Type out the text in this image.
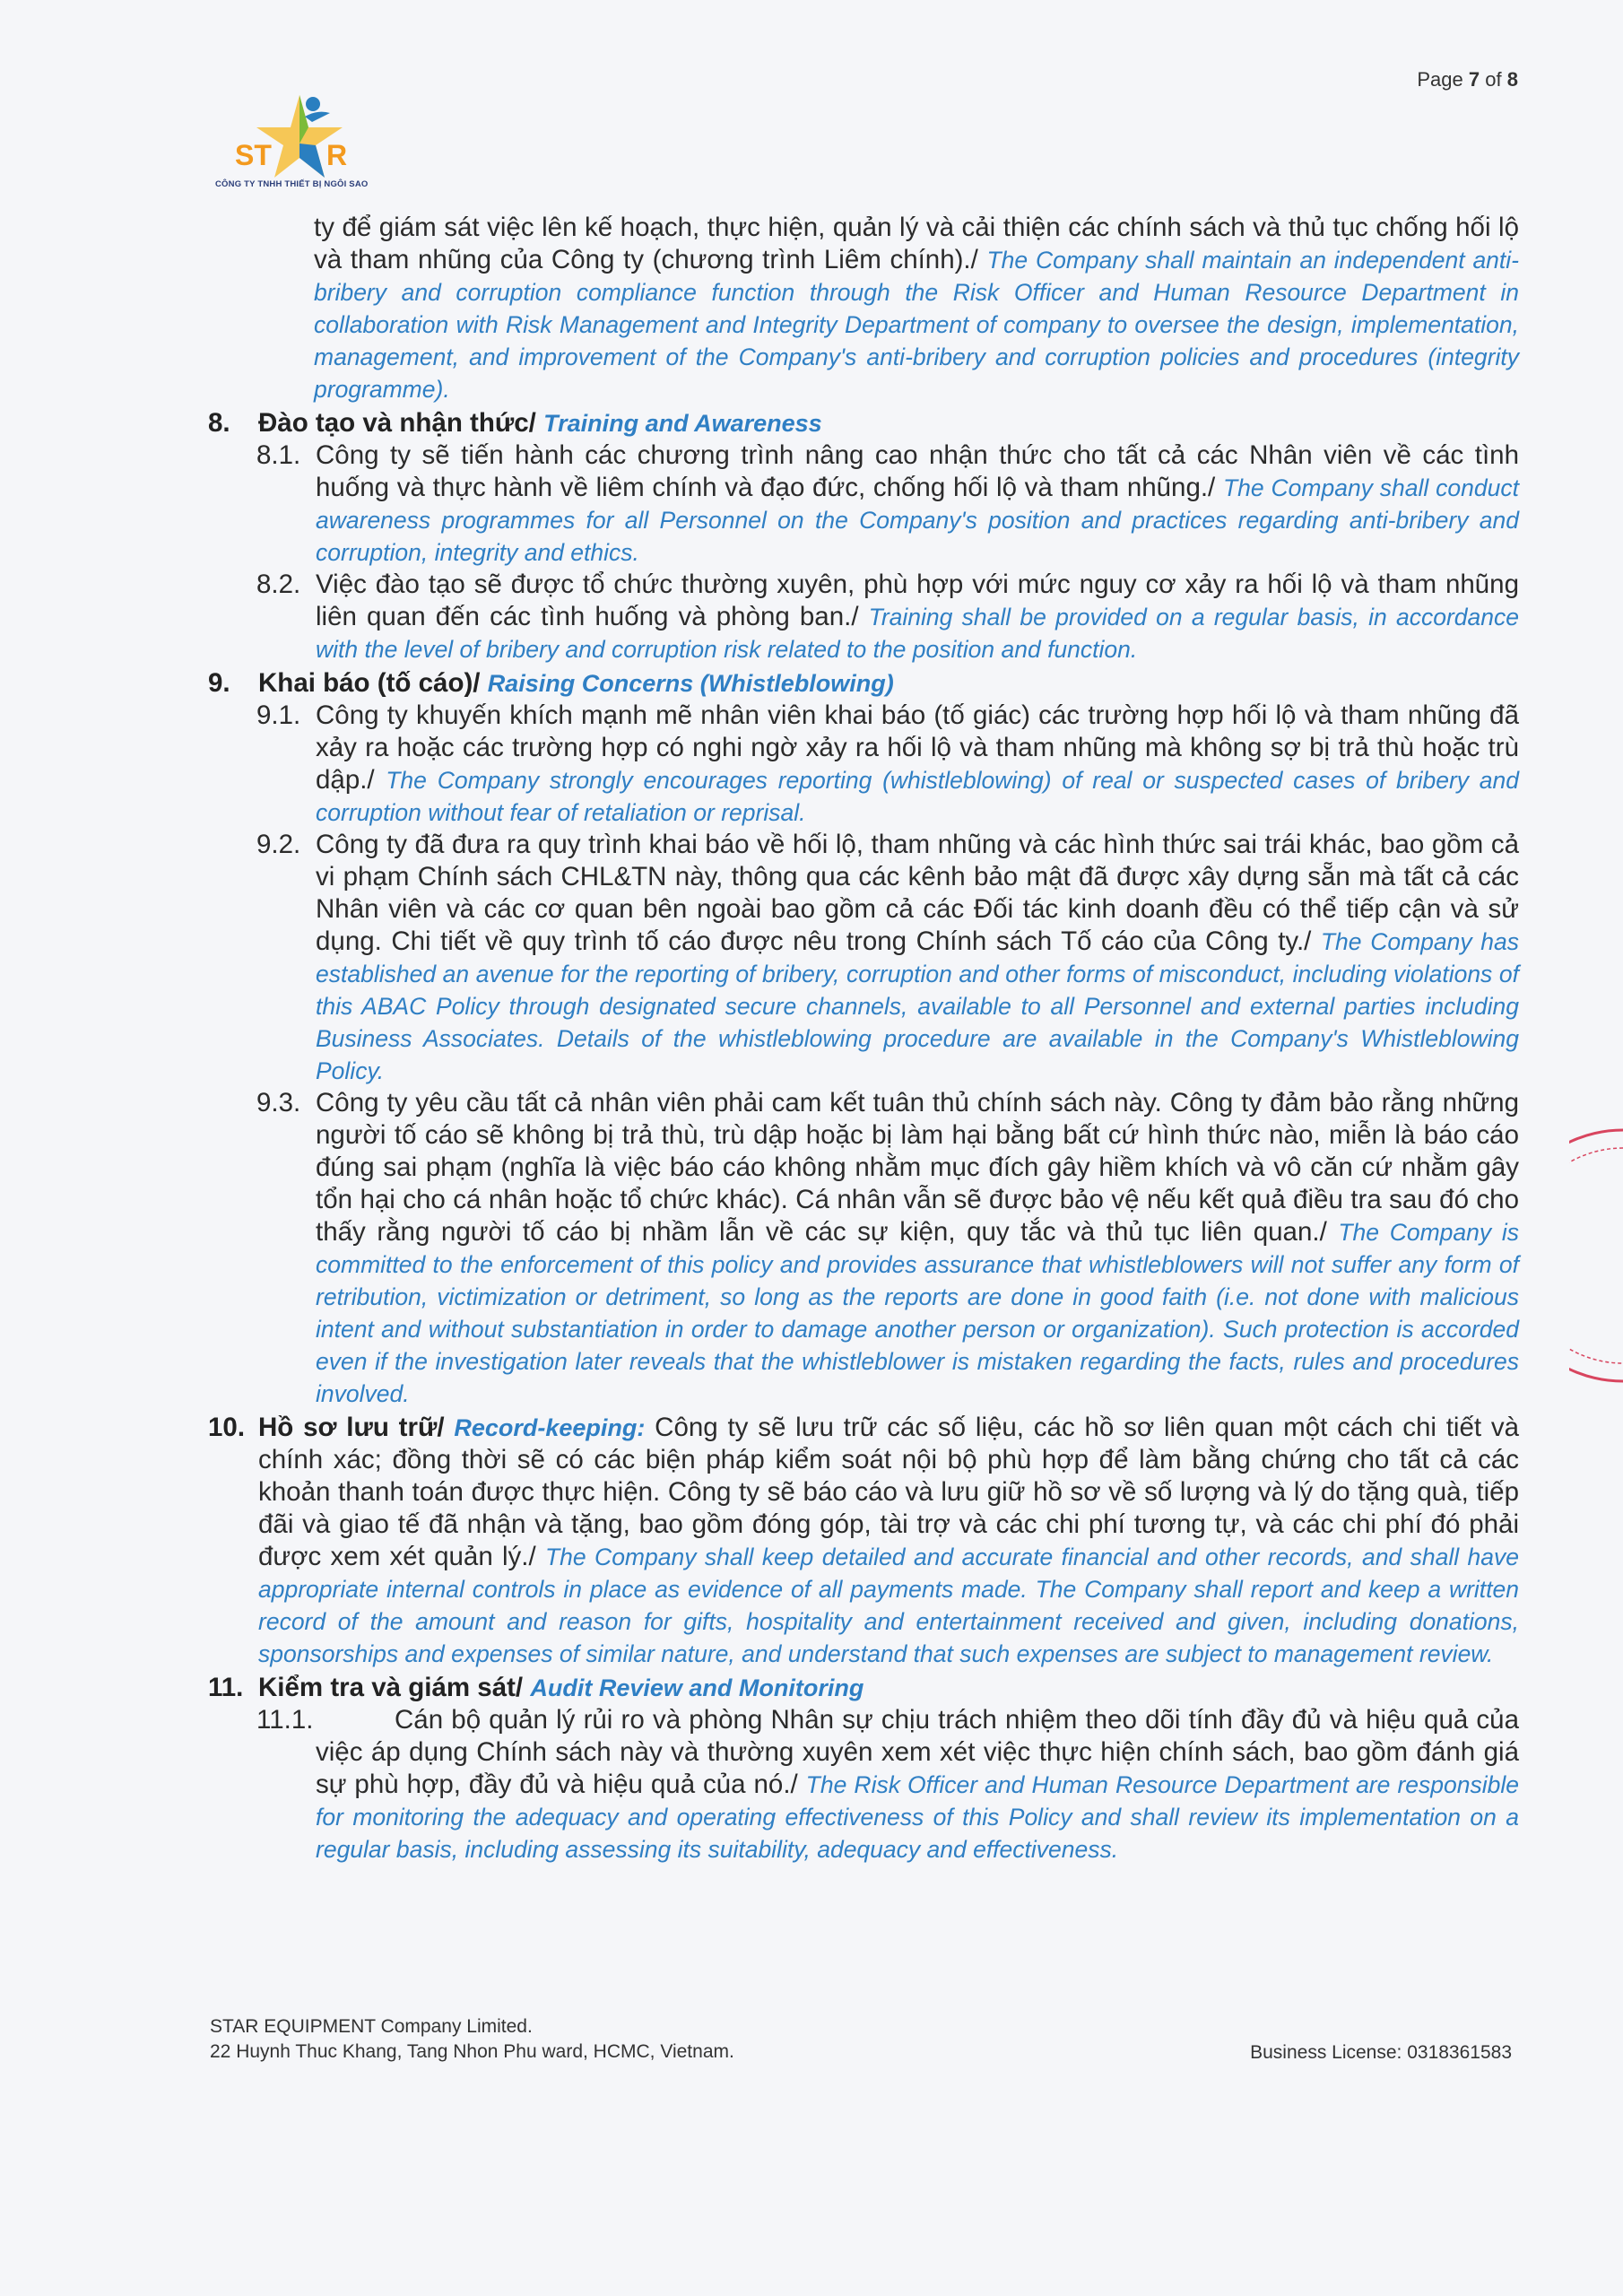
Page 7 of 8
ST R
CÔNG TY TNHH THIẾT BỊ NGÔI SAO
ty để giám sát việc lên kế hoạch, thực hiện, quản lý và cải thiện các chính sách và thủ tục chống hối lộ và tham nhũng của Công ty (chương trình Liêm chính)./ The Company shall maintain an independent anti-bribery and corruption compliance function through the Risk Officer and Human Resource Department in collaboration with Risk Management and Integrity Department of company to oversee the design, implementation, management, and improvement of the Company's anti-bribery and corruption policies and procedures (integrity programme).
8.	Đào tạo và nhận thức/ Training and Awareness
8.1. Công ty sẽ tiến hành các chương trình nâng cao nhận thức cho tất cả các Nhân viên về các tình huống và thực hành về liêm chính và đạo đức, chống hối lộ và tham nhũng./ The Company shall conduct awareness programmes for all Personnel on the Company's position and practices regarding anti-bribery and corruption, integrity and ethics.
8.2. Việc đào tạo sẽ được tổ chức thường xuyên, phù hợp với mức nguy cơ xảy ra hối lộ và tham nhũng liên quan đến các tình huống và phòng ban./ Training shall be provided on a regular basis, in accordance with the level of bribery and corruption risk related to the position and function.
9.	Khai báo (tố cáo)/ Raising Concerns (Whistleblowing)
9.1. Công ty khuyến khích mạnh mẽ nhân viên khai báo (tố giác) các trường hợp hối lộ và tham nhũng đã xảy ra hoặc các trường hợp có nghi ngờ xảy ra hối lộ và tham nhũng mà không sợ bị trả thù hoặc trù dập./ The Company strongly encourages reporting (whistleblowing) of real or suspected cases of bribery and corruption without fear of retaliation or reprisal.
9.2. Công ty đã đưa ra quy trình khai báo về hối lộ, tham nhũng và các hình thức sai trái khác, bao gồm cả vi phạm Chính sách CHL&TN này, thông qua các kênh bảo mật đã được xây dựng sẵn mà tất cả các Nhân viên và các cơ quan bên ngoài bao gồm cả các Đối tác kinh doanh đều có thể tiếp cận và sử dụng. Chi tiết về quy trình tố cáo được nêu trong Chính sách Tố cáo của Công ty./ The Company has established an avenue for the reporting of bribery, corruption and other forms of misconduct, including violations of this ABAC Policy through designated secure channels, available to all Personnel and external parties including Business Associates. Details of the whistleblowing procedure are available in the Company's Whistleblowing Policy.
9.3. Công ty yêu cầu tất cả nhân viên phải cam kết tuân thủ chính sách này. Công ty đảm bảo rằng những người tố cáo sẽ không bị trả thù, trù dập hoặc bị làm hại bằng bất cứ hình thức nào, miễn là báo cáo đúng sai phạm (nghĩa là việc báo cáo không nhằm mục đích gây hiềm khích và vô căn cứ nhằm gây tổn hại cho cá nhân hoặc tổ chức khác). Cá nhân vẫn sẽ được bảo vệ nếu kết quả điều tra sau đó cho thấy rằng người tố cáo bị nhầm lẫn về các sự kiện, quy tắc và thủ tục liên quan./ The Company is committed to the enforcement of this policy and provides assurance that whistleblowers will not suffer any form of retribution, victimization or detriment, so long as the reports are done in good faith (i.e. not done with malicious intent and without substantiation in order to damage another person or organization). Such protection is accorded even if the investigation later reveals that the whistleblower is mistaken regarding the facts, rules and procedures involved.
10. Hồ sơ lưu trữ/ Record-keeping: Công ty sẽ lưu trữ các số liệu, các hồ sơ liên quan một cách chi tiết và chính xác; đồng thời sẽ có các biện pháp kiểm soát nội bộ phù hợp để làm bằng chứng cho tất cả các khoản thanh toán được thực hiện. Công ty sẽ báo cáo và lưu giữ hồ sơ về số lượng và lý do tặng quà, tiếp đãi và giao tế đã nhận và tặng, bao gồm đóng góp, tài trợ và các chi phí tương tự, và các chi phí đó phải được xem xét quản lý./ The Company shall keep detailed and accurate financial and other records, and shall have appropriate internal controls in place as evidence of all payments made. The Company shall report and keep a written record of the amount and reason for gifts, hospitality and entertainment received and given, including donations, sponsorships and expenses of similar nature, and understand that such expenses are subject to management review.
11. Kiểm tra và giám sát/ Audit Review and Monitoring
11.1.	Cán bộ quản lý rủi ro và phòng Nhân sự chịu trách nhiệm theo dõi tính đầy đủ và hiệu quả của việc áp dụng Chính sách này và thường xuyên xem xét việc thực hiện chính sách, bao gồm đánh giá sự phù hợp, đầy đủ và hiệu quả của nó./ The Risk Officer and Human Resource Department are responsible for monitoring the adequacy and operating effectiveness of this Policy and shall review its implementation on a regular basis, including assessing its suitability, adequacy and effectiveness.
STAR EQUIPMENT Company Limited.
22 Huynh Thuc Khang, Tang Nhon Phu ward, HCMC, Vietnam.	Business License: 0318361583
